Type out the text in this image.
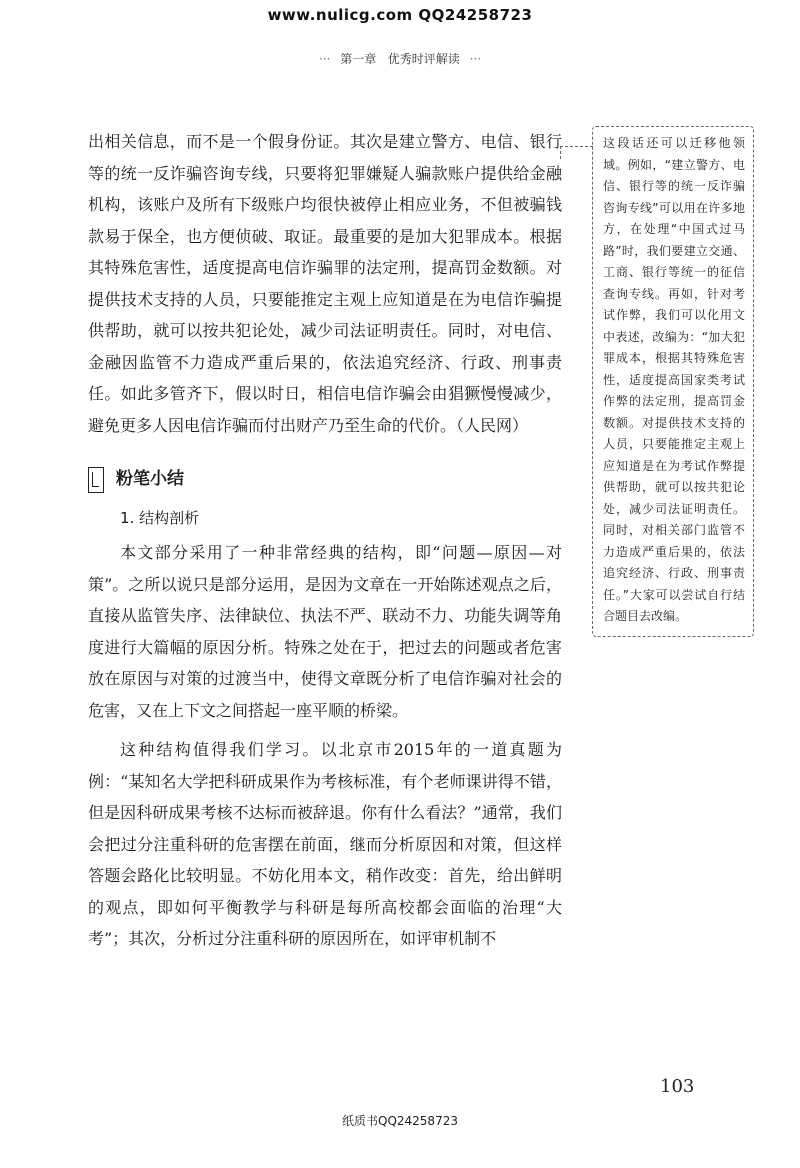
www.nulicg.com QQ24258723
··· 第一章 优秀时评解读 ···

出相关信息，而不是一个假身份证。其次是建立警方、电信、银行等的统一反诈骗咨询专线，只要将犯罪嫌疑人骗款账户提供给金融机构，该账户及所有下级账户均很快被停止相应业务，不但被骗钱款易于保全，也方便侦破、取证。最重要的是加大犯罪成本。根据其特殊危害性，适度提高电信诈骗罪的法定刑，提高罚金数额。对提供技术支持的人员，只要能推定主观上应知道是在为电信诈骗提供帮助，就可以按共犯论处，减少司法证明责任。同时，对电信、金融因监管不力造成严重后果的，依法追究经济、行政、刑事责任。如此多管齐下，假以时日，相信电信诈骗会由猖獗慢慢减少，避免更多人因电信诈骗而付出财产乃至生命的代价。（人民网）

粉笔小结
1. 结构剖析

本文部分采用了一种非常经典的结构，即“问题—原因—对策”。之所以说只是部分运用，是因为文章在一开始陈述观点之后，直接从监管失序、法律缺位、执法不严、联动不力、功能失调等角度进行大篇幅的原因分析。特殊之处在于，把过去的问题或者危害放在原因与对策的过渡当中，使得文章既分析了电信诈骗对社会的危害，又在上下文之间搭起一座平顺的桥梁。

这种结构值得我们学习。以北京市2015年的一道真题为例：“某知名大学把科研成果作为考核标准，有个老师课讲得不错，但是因科研成果考核不达标而被辞退。你有什么看法？”通常，我们会把过分注重科研的危害摆在前面，继而分析原因和对策，但这样答题会路化比较明显。不妨化用本文，稍作改变：首先，给出鲜明的观点，即如何平衡教学与科研是每所高校都会面临的治理“大考”；其次，分析过分注重科研的原因所在，如评审机制不

这段话还可以迁移他领域。例如，“建立警方、电信、银行等的统一反诈骗咨询专线”可以用在许多地方，在处理“中国式过马路”时，我们要建立交通、工商、银行等统一的征信查询专线。再如，针对考试作弊，我们可以化用文中表述，改编为：“加大犯罪成本，根据其特殊危害性，适度提高国家类考试作弊的法定刑，提高罚金数额。对提供技术支持的人员，只要能推定主观上应知道是在为考试作弊提供帮助，就可以按共犯论处，减少司法证明责任。同时，对相关部门监管不力造成严重后果的，依法追究经济、行政、刑事责任。”大家可以尝试自行结合题目去改编。
103
纸质书QQ24258723
